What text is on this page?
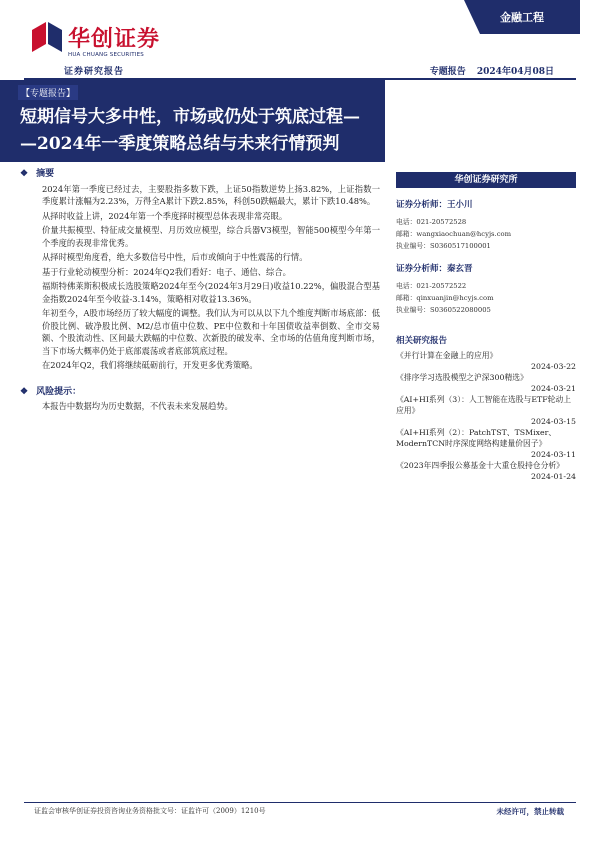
华创证券
HUA CHUANG SECURITIES
金融工程
证券研究报告	专题报告 2024年04月08日
【专题报告】
短期信号大多中性，市场或仍处于筑底过程—
—2024年一季度策略总结与未来行情预判
❖ 摘要

2024年第一季度已经过去，主要股指多数下跌，上证50指数逆势上扬3.82%，上证指数一季度累计涨幅为2.23%，万得全A累计下跌2.85%，科创50跌幅最大，累计下跌10.48%。

从择时收益上讲，2024年第一个季度择时模型总体表现非常亮眼。

价量共振模型、特征成交量模型、月历效应模型，综合兵器V3模型，智能500模型今年第一个季度的表现非常优秀。

从择时模型角度看，绝大多数信号中性，后市或倾向于中性震荡的行情。

基于行业轮动模型分析：2024年Q2我们看好：电子、通信、综合。

福斯特佛莱斯积极成长选股策略2024年至今(2024年3月29日)收益10.22%，偏股混合型基金指数2024年至今收益-3.14%，策略相对收益13.36%。

年初至今，A股市场经历了较大幅度的调整。我们认为可以从以下九个维度判断市场底部：低价股比例、破净股比例、M2/总市值中位数、PE中位数和十年国债收益率倒数、全市交易额、个股流动性、区间最大跌幅的中位数、次新股的破发率、全市场的估值角度判断市场，当下市场大概率仍处于底部震荡或者底部筑底过程。

在2024年Q2，我们将继续砥砺前行，开发更多优秀策略。

❖ 风险提示：

本报告中数据均为历史数据，不代表未来发展趋势。

华创证券研究所
证券分析师：王小川
电话：021-20572528
邮箱：wangxiaochuan@hcyjs.com
执业编号：S0360517100001
证券分析师：秦玄晋
电话：021-20572522
邮箱：qinxuanjin@hcyjs.com
执业编号：S0360522080005
相关研究报告
《并行计算在金融上的应用》
2024-03-22
《排序学习选股模型之沪深300精选》
2024-03-21
《AI+HI系列（3）：人工智能在选股与ETF轮动上应用》
2024-03-15
《AI+HI系列（2）：PatchTST、TSMixer、ModernTCN时序深度网络构建量价因子》
2024-03-11
《2023年四季报公募基金十大重仓股持仓分析》
2024-01-24
证监会审核华创证券投资咨询业务资格批文号：证监许可（2009）1210号	未经许可，禁止转载
